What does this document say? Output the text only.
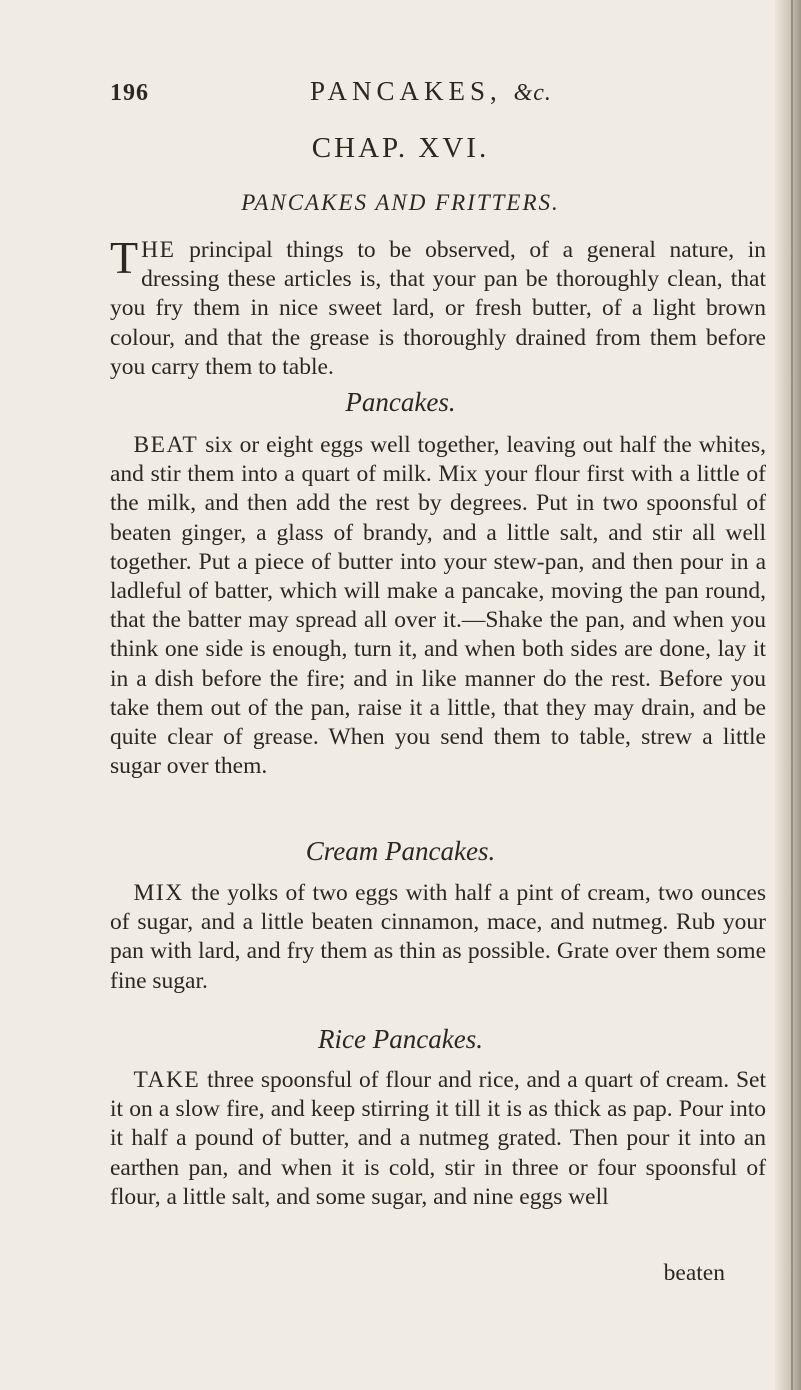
196	PANCAKES, &c.
CHAP. XVI.
PANCAKES AND FRITTERS.
THE principal things to be observed, of a general nature, in dressing these articles is, that your pan be thoroughly clean, that you fry them in nice sweet lard, or fresh butter, of a light brown colour, and that the grease is thoroughly drained from them before you carry them to table.
Pancakes.
 BEAT six or eight eggs well together, leaving out half the whites, and stir them into a quart of milk. Mix your flour first with a little of the milk, and then add the rest by degrees. Put in two spoonsful of beaten ginger, a glass of brandy, and a little salt, and stir all well together. Put a piece of butter into your stew-pan, and then pour in a ladleful of batter, which will make a pancake, moving the pan round, that the batter may spread all over it.—Shake the pan, and when you think one side is enough, turn it, and when both sides are done, lay it in a dish before the fire; and in like manner do the rest. Before you take them out of the pan, raise it a little, that they may drain, and be quite clear of grease. When you send them to table, strew a little sugar over them.
Cream Pancakes.
 MIX the yolks of two eggs with half a pint of cream, two ounces of sugar, and a little beaten cinnamon, mace, and nutmeg. Rub your pan with lard, and fry them as thin as possible. Grate over them some fine sugar.
Rice Pancakes.
 TAKE three spoonsful of flour and rice, and a quart of cream. Set it on a slow fire, and keep stirring it till it is as thick as pap. Pour into it half a pound of butter, and a nutmeg grated. Then pour it into an earthen pan, and when it is cold, stir in three or four spoonsful of flour, a little salt, and some sugar, and nine eggs well
beaten
